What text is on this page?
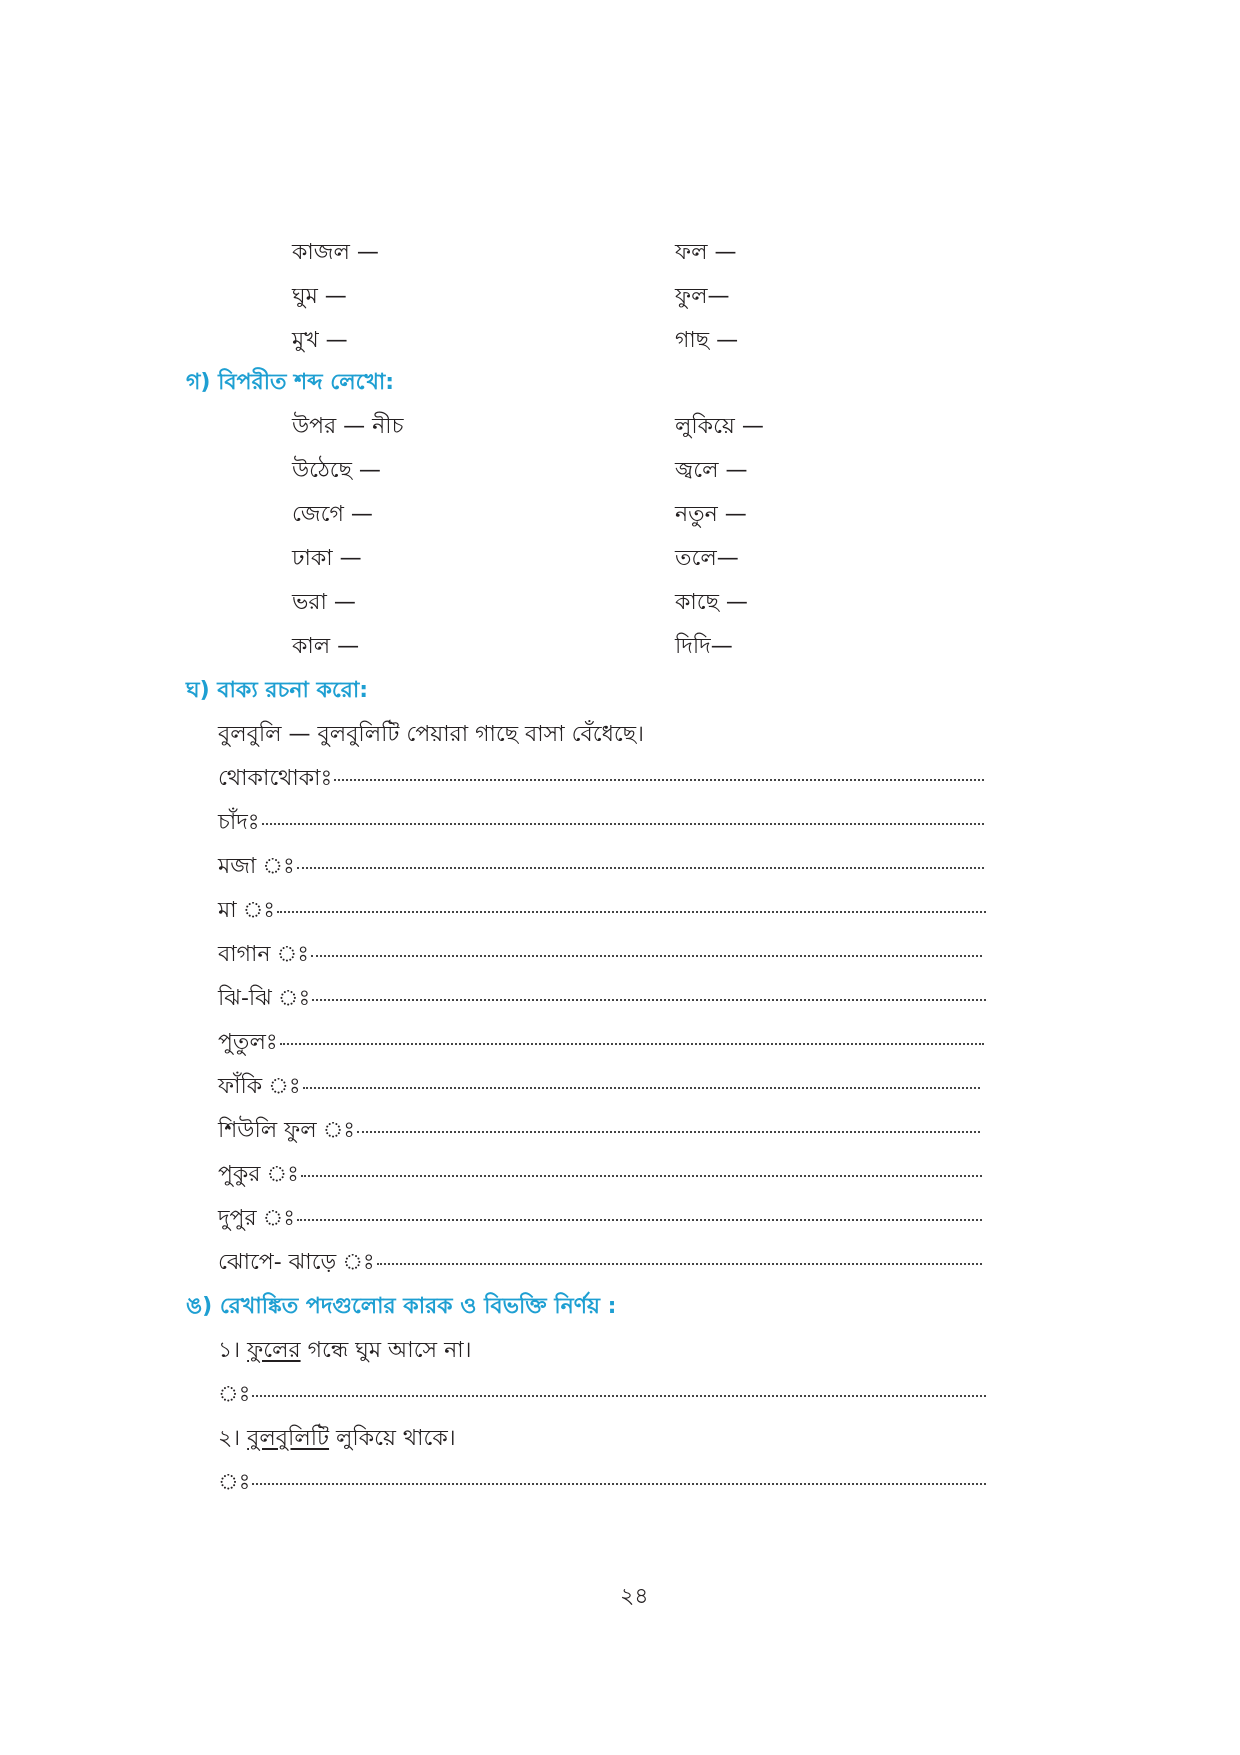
কাজল —	ফল —
ঘুম —	ফুল—
মুখ —	গাছ —
গ) বিপরীত শব্দ লেখো:
উপর — নীচ	লুকিয়ে —
উঠেছে —	জ্বলে —
জেগে —	নতুন —
ঢাকা —	তলে—
ভরা —	কাছে —
কাল —	দিদি—
ঘ) বাক্য রচনা করো:
বুলবুলি — বুলবুলিটি পেয়ারা গাছে বাসা বেঁধেছে।
থোকাথোকাঃ
চাঁদঃ
মজা ঃ
মা ঃ
বাগান ঃ
ঝি-ঝি ঃ
পুতুলঃ
ফাঁকি ঃ
শিউলি ফুল ঃ
পুকুর ঃ
দুপুর ঃ
ঝোপে- ঝাড়ে ঃ
ঙ) রেখাঙ্কিত পদগুলোর কারক ও বিভক্তি নির্ণয় :
১। ফুলের গন্ধে ঘুম আসে না।
ঃ
২। বুলবুলিটি লুকিয়ে থাকে।
ঃ
২৪
